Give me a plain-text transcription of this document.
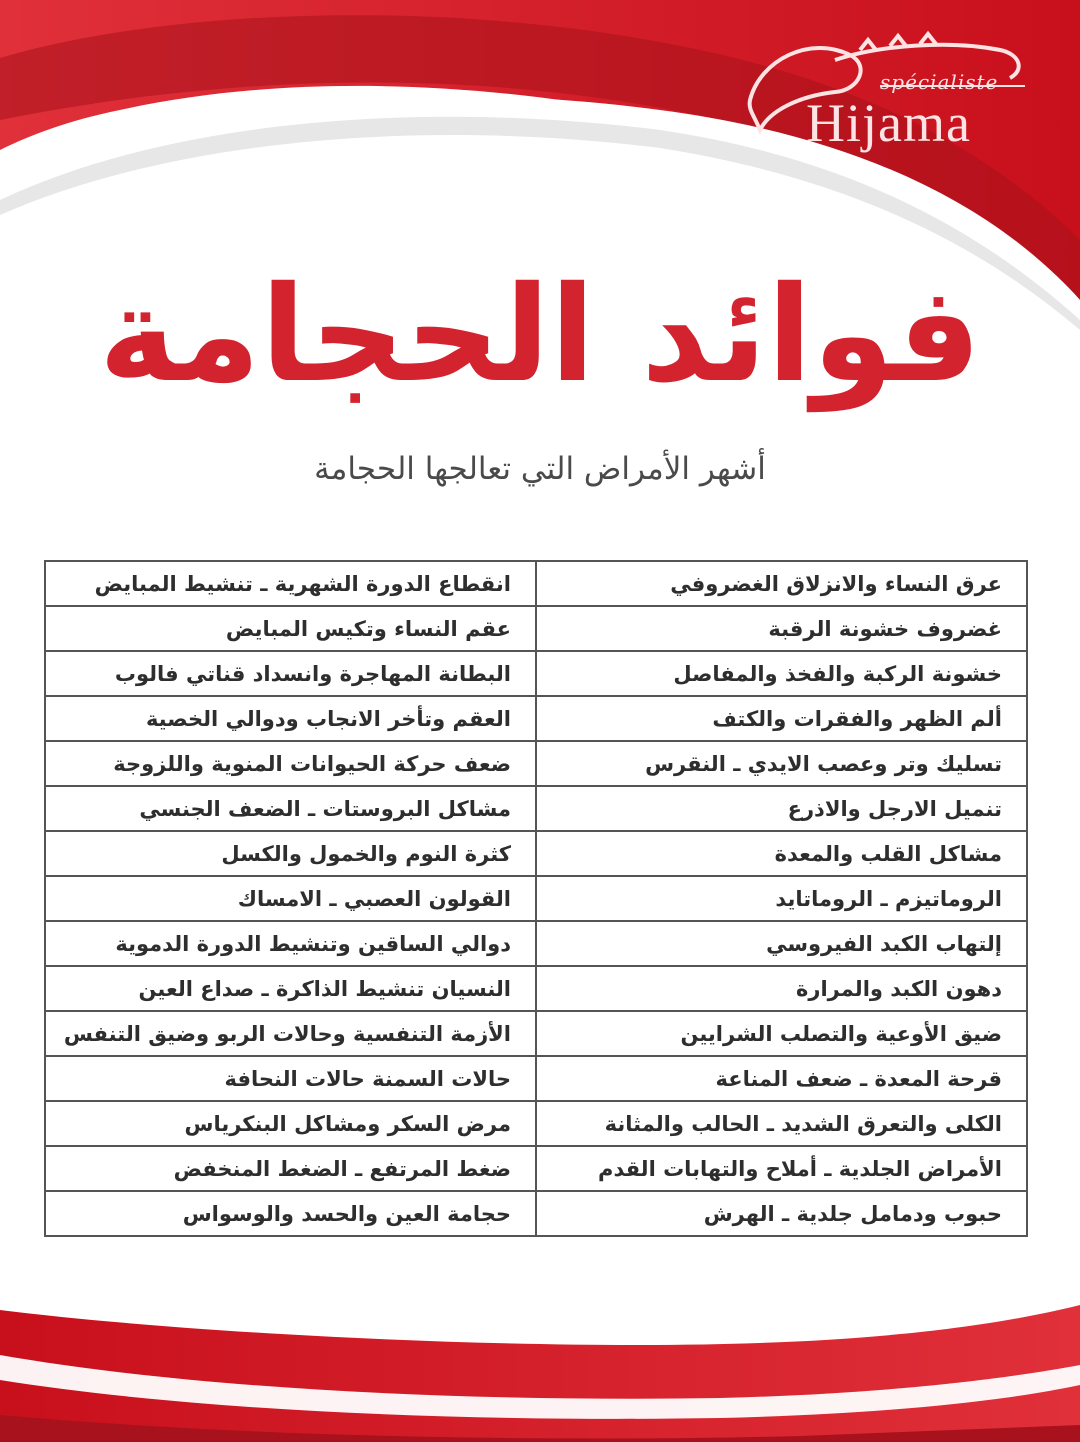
spécialiste
Hijama
فوائد الحجامة

أشهر الأمراض التي تعالجها الحجامة

انقطاع الدورة الشهرية ـ تنشيط المبايض	عرق النساء والانزلاق الغضروفي
عقم النساء وتكيس المبايض	غضروف خشونة الرقبة
البطانة المهاجرة وانسداد قناتي فالوب	خشونة الركبة والفخذ والمفاصل
العقم وتأخر الانجاب ودوالي الخصية	ألم الظهر والفقرات والكتف
ضعف حركة الحيوانات المنوية واللزوجة	تسليك وتر وعصب الايدي ـ النقرس
مشاكل البروستات ـ الضعف الجنسي	تنميل الارجل والاذرع
كثرة النوم والخمول والكسل	مشاكل القلب والمعدة
القولون العصبي ـ الامساك	الروماتيزم ـ الروماتايد
دوالي الساقين وتنشيط الدورة الدموية	إلتهاب الكبد الفيروسي
النسيان تنشيط الذاكرة ـ صداع العين	دهون الكبد والمرارة
الأزمة التنفسية وحالات الربو وضيق التنفس	ضيق الأوعية والتصلب الشرايين
حالات السمنة حالات النحافة	قرحة المعدة ـ ضعف المناعة
مرض السكر ومشاكل البنكرياس	الكلى والتعرق الشديد ـ الحالب والمثانة
ضغط المرتفع ـ الضغط المنخفض	الأمراض الجلدية ـ أملاح والتهابات القدم
حجامة العين والحسد والوسواس	حبوب ودمامل جلدية ـ الهرش
